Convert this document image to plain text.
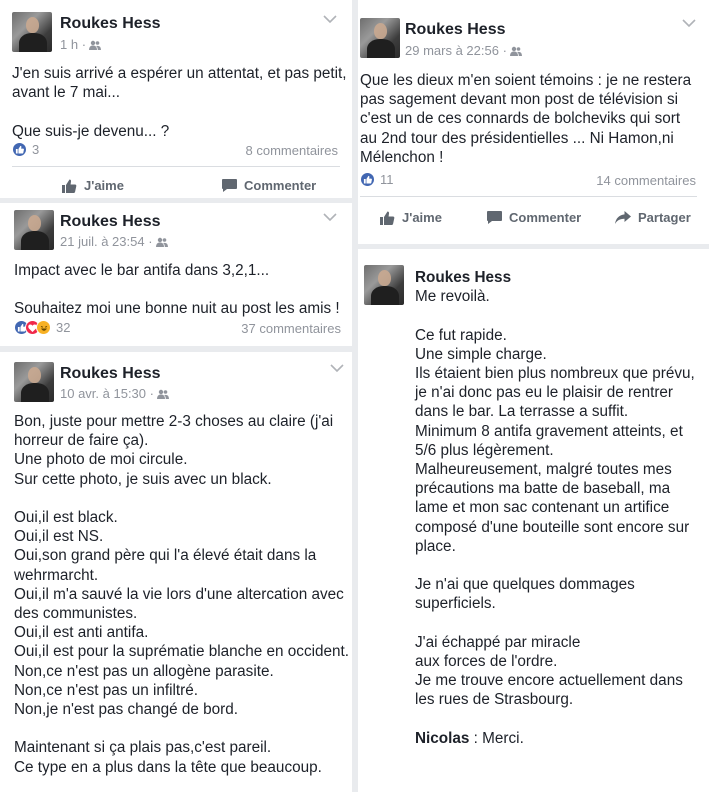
Roukes Hess
1 h ·

J'en suis arrivé a espérer un attentat, et pas petit,

avant le 7 mai...

Que suis-je devenu... ?

3	8 commentaires
J'aime	Commenter
Roukes Hess
21 juil. à 23:54 ·

Impact avec le bar antifa dans 3,2,1...

Souhaitez moi une bonne nuit au post les amis !

32	37 commentaires
Roukes Hess
10 avr. à 15:30 ·

Bon, juste pour mettre 2-3 choses au claire (j'ai

horreur de faire ça).

Une photo de moi circule.

Sur cette photo, je suis avec un black.

Oui,il est black.

Oui,il est NS.

Oui,son grand père qui l'a élevé était dans la

wehrmarcht.

Oui,il m'a sauvé la vie lors d'une altercation avec

des communistes.

Oui,il est anti antifa.

Oui,il est pour la suprématie blanche en occident.

Non,ce n'est pas un allogène parasite.

Non,ce n'est pas un infiltré.

Non,je n'est pas changé de bord.

Maintenant si ça plais pas,c'est pareil.

Ce type en a plus dans la tête que beaucoup.

Roukes Hess
29 mars à 22:56 ·

Que les dieux m'en soient témoins : je ne restera

pas sagement devant mon post de télévision si

c'est un de ces connards de bolcheviks qui sort

au 2nd tour des présidentielles ... Ni Hamon,ni

Mélenchon !

11	14 commentaires
J'aime	Commenter	Partager

Roukes Hess

Me revoilà.

Ce fut rapide.

Une simple charge.

Ils étaient bien plus nombreux que prévu,

je n'ai donc pas eu le plaisir de rentrer

dans le bar. La terrasse a suffit.

Minimum 8 antifa gravement atteints, et

5/6 plus légèrement.

Malheureusement, malgré toutes mes

précautions ma batte de baseball, ma

lame et mon sac contenant un artifice

composé d'une bouteille sont encore sur

place.

Je n'ai que quelques dommages

superficiels.

J'ai échappé par miracle

aux forces de l'ordre.

Je me trouve encore actuellement dans

les rues de Strasbourg.

Nicolas : Merci.
